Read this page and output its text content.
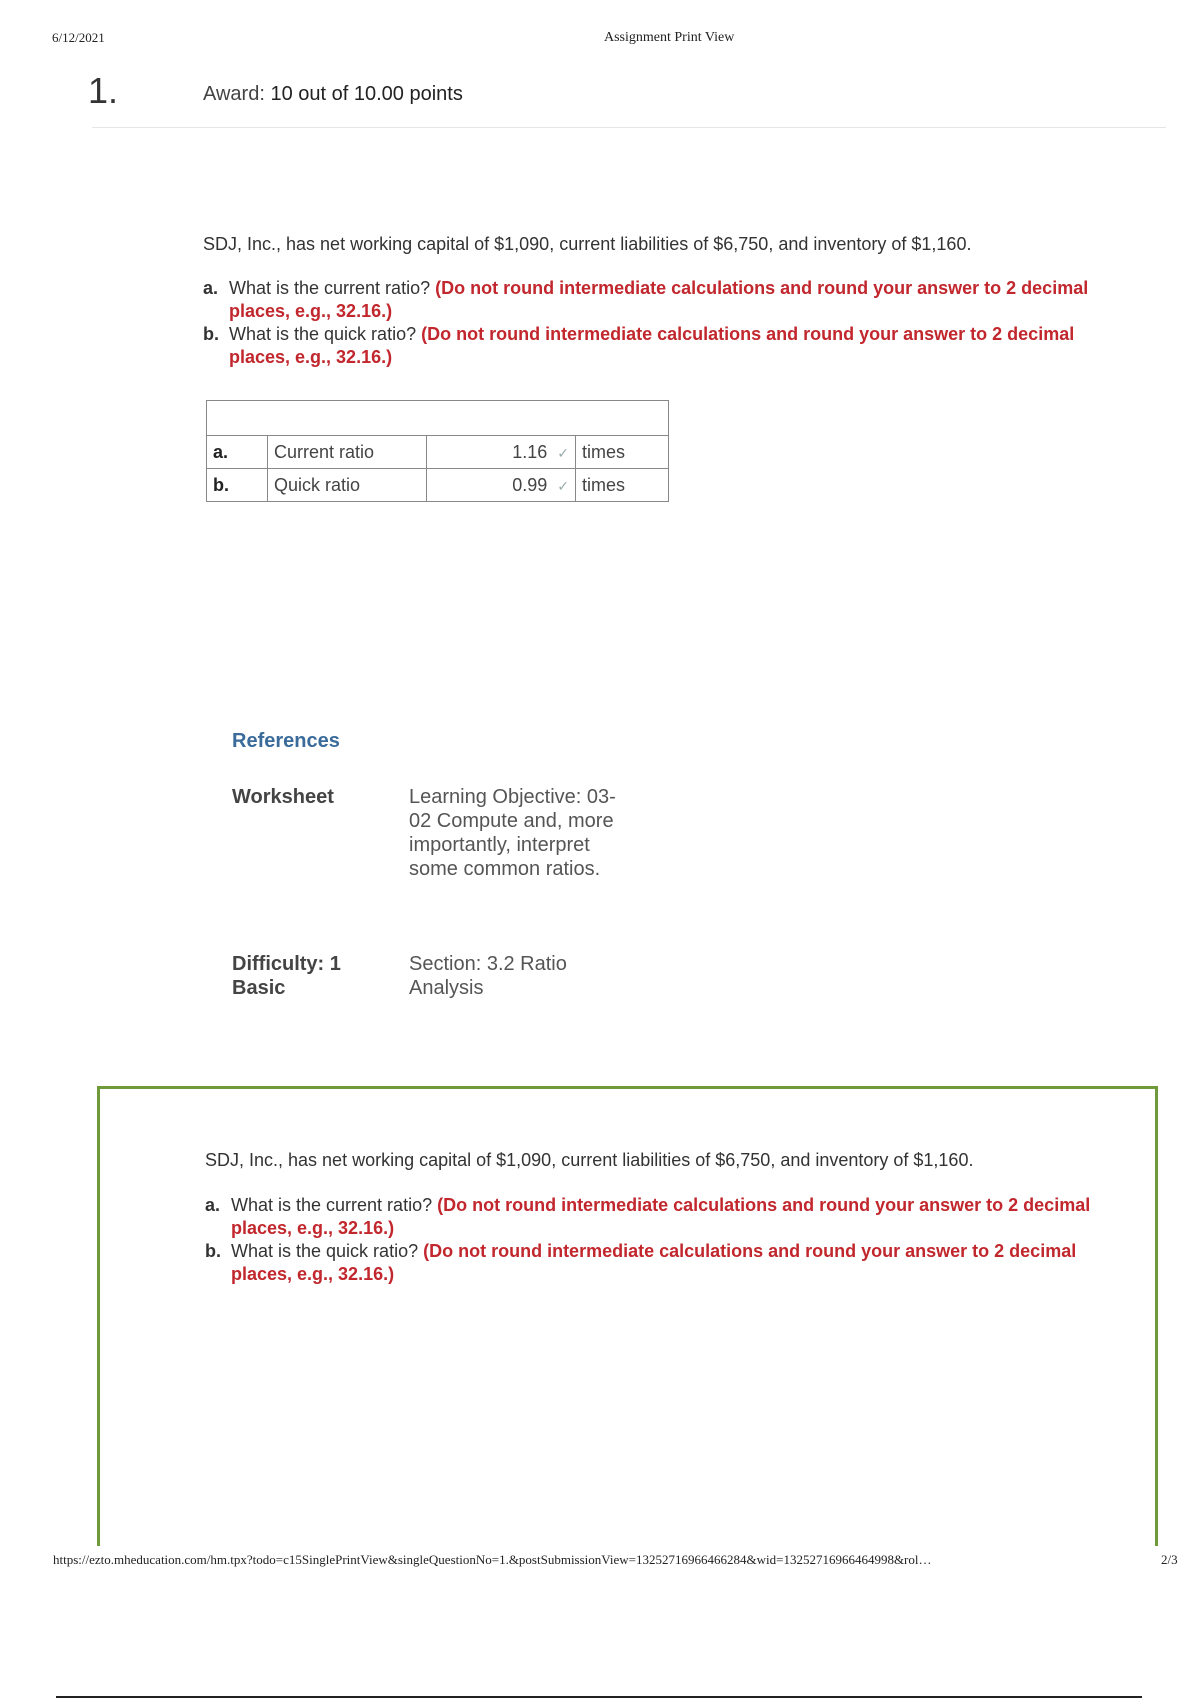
6/12/2021	Assignment Print View
1.	Award: 10 out of 10.00 points
SDJ, Inc., has net working capital of $1,090, current liabilities of $6,750, and inventory of $1,160.
a. What is the current ratio? (Do not round intermediate calculations and round your answer to 2 decimal places, e.g., 32.16.)
b. What is the quick ratio? (Do not round intermediate calculations and round your answer to 2 decimal places, e.g., 32.16.)

a.	Current ratio	1.16 ✓	times
b.	Quick ratio	0.99 ✓	times
References
Worksheet	Learning Objective: 03-02 Compute and, more importantly, interpret some common ratios.
Difficulty: 1 Basic
Section: 3.2 Ratio Analysis
SDJ, Inc., has net working capital of $1,090, current liabilities of $6,750, and inventory of $1,160.
a. What is the current ratio? (Do not round intermediate calculations and round your answer to 2 decimal places, e.g., 32.16.)
b. What is the quick ratio? (Do not round intermediate calculations and round your answer to 2 decimal places, e.g., 32.16.)
https://ezto.mheducation.com/hm.tpx?todo=c15SinglePrintView&singleQuestionNo=1.&postSubmissionView=13252716966466284&wid=13252716966464998&rol…	2/3
